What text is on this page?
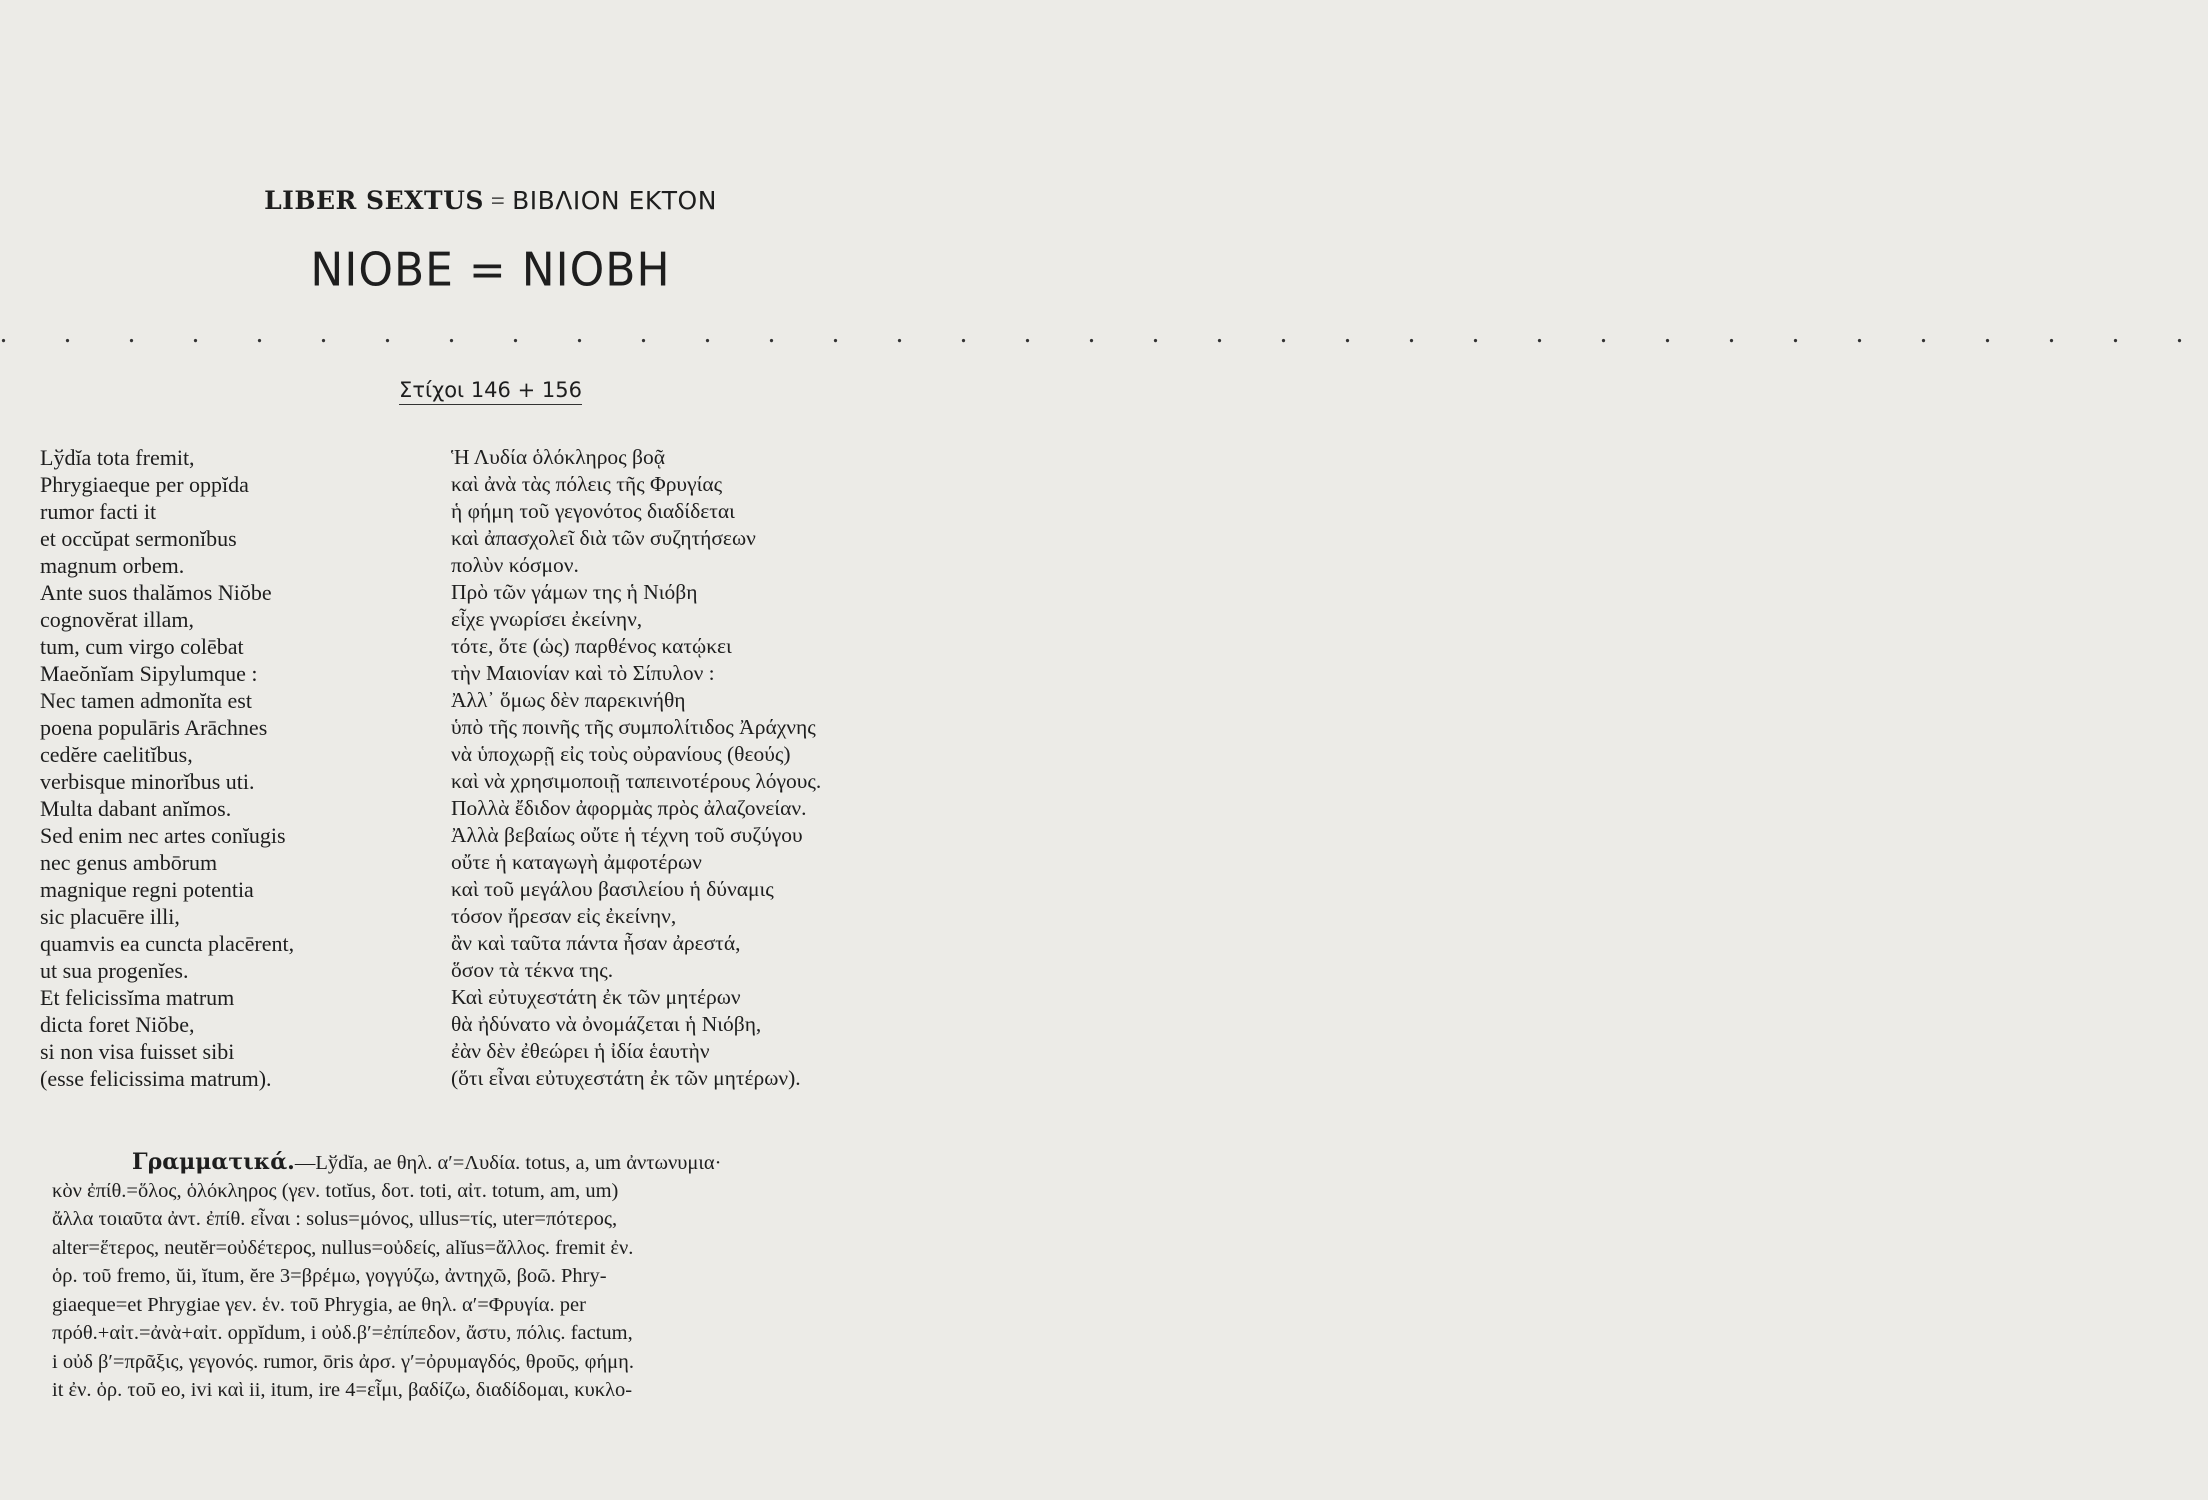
LIBER SEXTUS = ΒΙΒΛΙΟΝ ΕΚΤΟΝ
NIOBE = NIOBH
. . . . . . . . . . . . . . . . . . . . . . . . . . . . . . . . . . .
Στίχοι 146 + 156
Lўdĭa tota fremit,
Phrygiaeque per oppĭda
rumor facti it
et occŭpat sermonĭbus
magnum orbem.
Ante suos thalămos Niŏbe
cognovĕrat illam,
tum, cum virgo colēbat
Maeŏnĭam Sipylumque :
Nec tamen admonĭta est
poena populāris Arāchnes
cedĕre caelitĭbus,
verbisque minorĭbus uti.
Multa dabant anĭmos.
Sed enim nec artes conĭugis
nec genus ambōrum
magnique regni potentia
sic placuēre illi,
quamvis ea cuncta placērent,
ut sua progenĭes.
Et felicissĭma matrum
dicta foret Niŏbe,
si non visa fuisset sibi
(esse felicissima matrum).
Ἡ Λυδία ὁλόκληρος βοᾷ
καὶ ἀνὰ τὰς πόλεις τῆς Φρυγίας
ἡ φήμη τοῦ γεγονότος διαδίδεται
καὶ ἀπασχολεῖ διὰ τῶν συζητήσεων
πολὺν κόσμον.
Πρὸ τῶν γάμων της ἡ Νιόβη
εἶχε γνωρίσει ἐκείνην,
τότε, ὅτε (ὡς) παρθένος κατῴκει
τὴν Μαιονίαν καὶ τὸ Σίπυλον :
Ἀλλ᾽ ὅμως δὲν παρεκινήθη
ὑπὸ τῆς ποινῆς τῆς συμπολίτιδος Ἀράχνης
νὰ ὑποχωρῇ εἰς τοὺς οὐρανίους (θεούς)
καὶ νὰ χρησιμοποιῇ ταπεινοτέρους λόγους.
Πολλὰ ἔδιδον ἀφορμὰς πρὸς ἀλαζονείαν.
Ἀλλὰ βεβαίως οὔτε ἡ τέχνη τοῦ συζύγου
οὔτε ἡ καταγωγὴ ἀμφοτέρων
καὶ τοῦ μεγάλου βασιλείου ἡ δύναμις
τόσον ἤρεσαν εἰς ἐκείνην,
ἂν καὶ ταῦτα πάντα ἦσαν ἀρεστά,
ὅσον τὰ τέκνα της.
Καὶ εὐτυχεστάτη ἐκ τῶν μητέρων
θὰ ἠδύνατο νὰ ὀνομάζεται ἡ Νιόβη,
ἐὰν δὲν ἐθεώρει ἡ ἰδία ἑαυτὴν
(ὅτι εἶναι εὐτυχεστάτη ἐκ τῶν μητέρων).
Γραμματικά.—Lўdĭa, ae θηλ. α′=Λυδία. totus, a, um ἀντωνυμια·
κὸν ἐπίθ.=ὅλος, ὁλόκληρος (γεν. totĭus, δοτ. toti, αἰτ. totum, am, um)
ἄλλα τοιαῦτα ἀντ. ἐπίθ. εἶναι : solus=μόνος, ullus=τίς, uter=πότερος,
alter=ἕτερος, neutĕr=οὐδέτερος, nullus=οὐδείς, alĭus=ἄλλος. fremit ἐν.
ὁρ. τοῦ fremo, ŭi, ĭtum, ĕre 3=βρέμω, γογγύζω, ἀντηχῶ, βοῶ. Phry-
giaeque=et Phrygiae γεν. ἑν. τοῦ Phrygia, ae θηλ. α′=Φρυγία. per
πρόθ.+αἰτ.=ἀνὰ+αἰτ. oppĭdum, i οὐδ.β′=ἐπίπεδον, ἄστυ, πόλις. factum,
i οὐδ β′=πρᾶξις, γεγονός. rumor, ōris ἀρσ. γ′=ὀρυμαγδός, θροῦς, φήμη.
it ἐν. ὁρ. τοῦ eo, ivi καὶ ii, itum, ire 4=εἶμι, βαδίζω, διαδίδομαι, κυκλο-
